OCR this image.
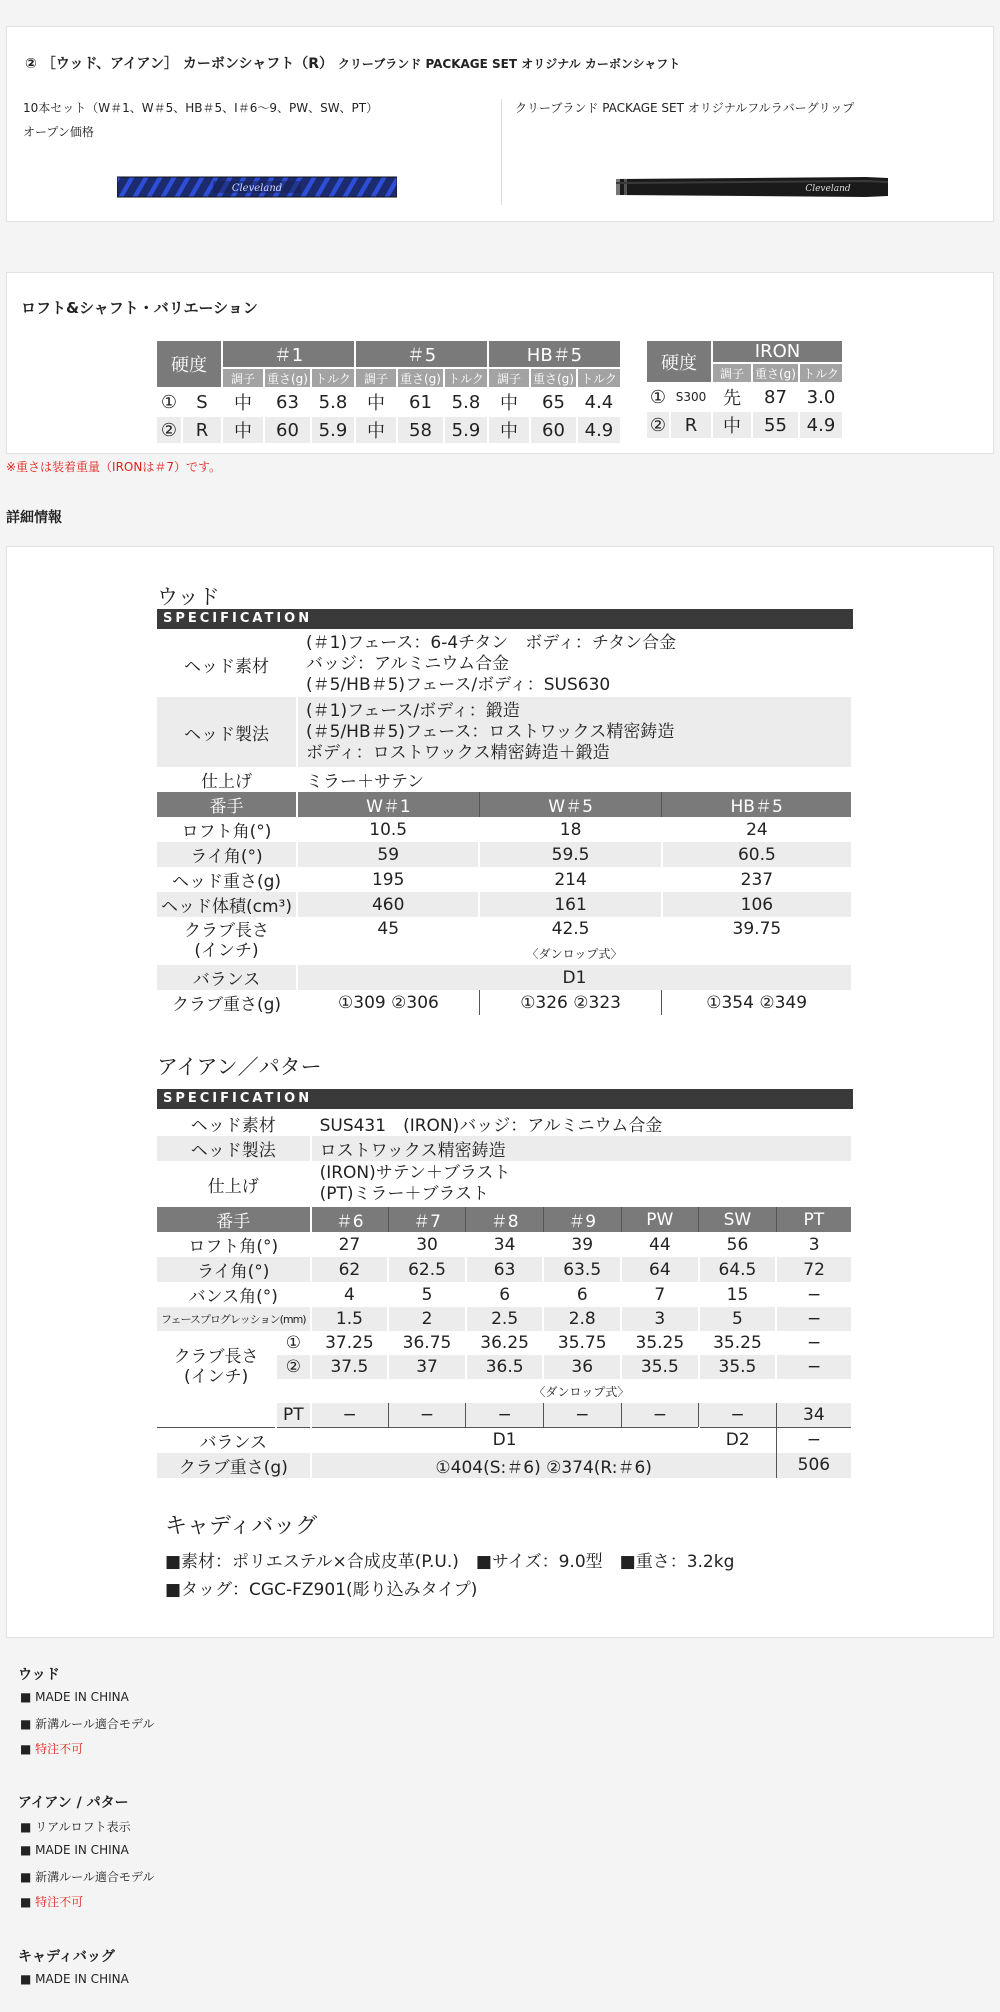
② ［ウッド、アイアン］ カーボンシャフト（R） クリーブランド PACKAGE SET オリジナル カーボンシャフト
10本セット（W＃1、W＃5、HB＃5、I＃6〜9、PW、SW、PT）
オープン価格
クリーブランド PACKAGE SET オリジナルフルラバーグリップ
Cleveland	Cleveland
ロフト&シャフト・バリエーション
硬度		＃1			＃5			HB＃5		
		調子	重さ(g)	トルク	調子	重さ(g)	トルク	調子	重さ(g)	トルク
①	S	中	63	5.8	中	61	5.8	中	65	4.4
②	R	中	60	5.9	中	58	5.9	中	60	4.9
硬度		IRON		
		調子	重さ(g)	トルク
①	S300	先	87	3.0
②	R	中	55	4.9
※重さは装着重量（IRONは＃7）です。
詳細情報
ウッド
SPECIFICATION
ヘッド素材	(＃1)フェース：6-4チタン　ボディ：チタン合金
バッジ：アルミニウム合金
(＃5/HB＃5)フェース/ボディ：SUS630		

ヘッド製法	(＃1)フェース/ボディ：鍛造
(＃5/HB＃5)フェース：ロストワックス精密鋳造
ボディ：ロストワックス精密鋳造＋鍛造		

仕上げ	ミラー＋サテン		
番手	W＃1	W＃5	HB＃5
ロフト角(°)	10.5	18	24
ライ角(°)	59	59.5	60.5
ヘッド重さ(g)	195	214	237
ヘッド体積(cm³)	460	161	106

クラブ長さ
(インチ)	45	42.5	39.75
	〈ダンロップ式〉		
バランス	D1		
クラブ重さ(g)	①309 ②306	①326 ②323	①354 ②349
アイアン／パター
SPECIFICATION
ヘッド素材		SUS431　(IRON)バッジ：アルミニウム合金						
ヘッド製法		ロストワックス精密鋳造						
仕上げ		(IRON)サテン＋ブラスト
(PT)ミラー＋ブラスト						

番手		＃6	＃7	＃8	＃9	PW	SW	PT
ロフト角(°)		27	30	34	39	44	56	3
ライ角(°)		62	62.5	63	63.5	64	64.5	72
バンス角(°)		4	5	6	6	7	15	−
フェースプログレッション(mm)		1.5	2	2.5	2.8	3	5	−

クラブ長さ
(インチ)	①	37.25	36.75	36.25	35.75	35.25	35.25	−
	②	37.5	37	36.5	36	35.5	35.5	−
		〈ダンロップ式〉						
	PT	−	−	−	−	−	−	34
バランス		D1					D2	−
クラブ重さ(g)		①404(S:＃6) ②374(R:＃6)						506
キャディバッグ
■素材：ポリエステル×合成皮革(P.U.)　■サイズ：9.0型　■重さ：3.2kg
■タッグ：CGC-FZ901(彫り込みタイプ)
ウッド
■ MADE IN CHINA
■ 新溝ルール適合モデル
■ 特注不可
アイアン / パター
■ リアルロフト表示
■ MADE IN CHINA
■ 新溝ルール適合モデル
■ 特注不可
キャディバッグ
■ MADE IN CHINA
